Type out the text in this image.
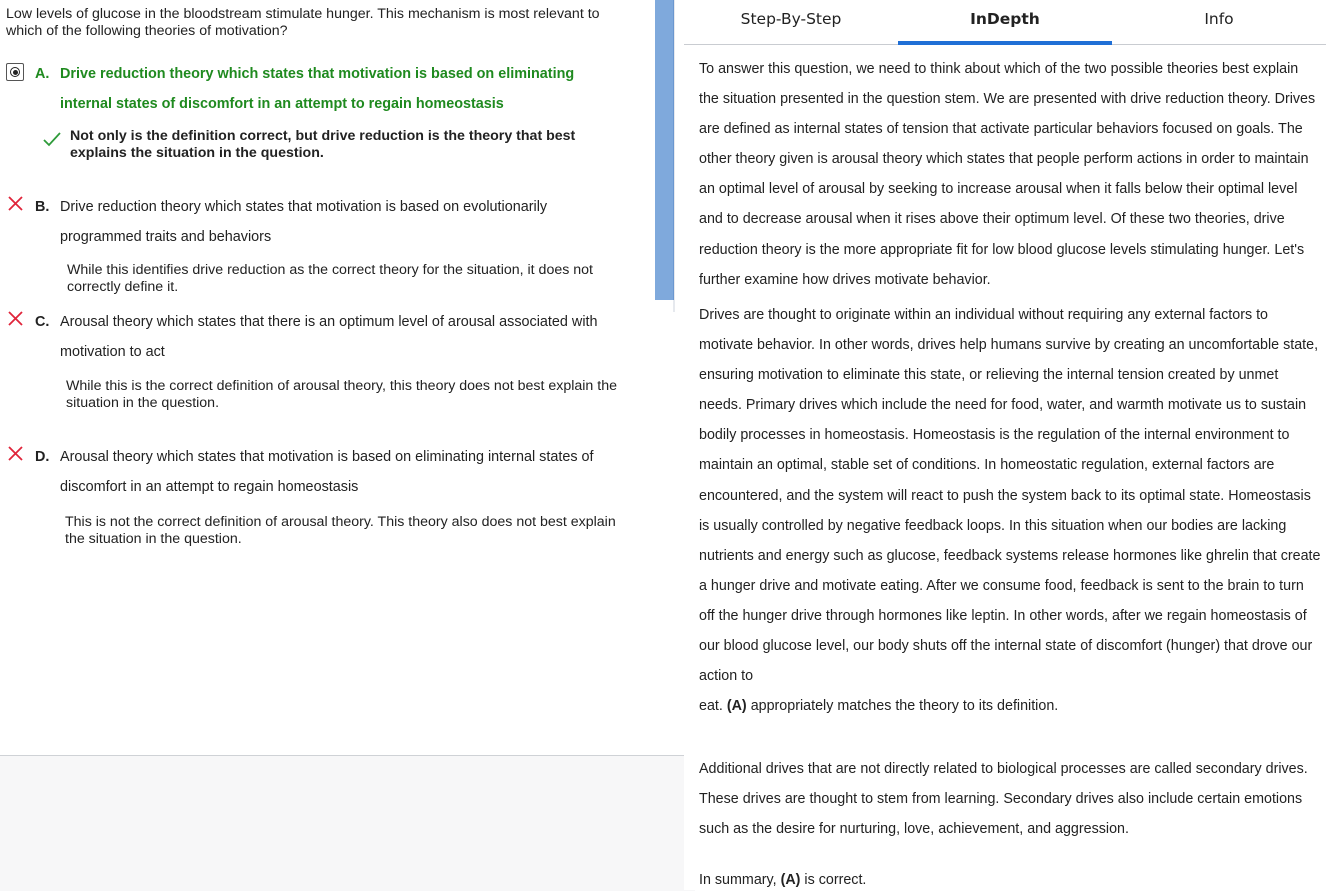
Low levels of glucose in the bloodstream stimulate hunger. This mechanism is most relevant to which of the following theories of motivation?
A. Drive reduction theory which states that motivation is based on eliminating internal states of discomfort in an attempt to regain homeostasis
Not only is the definition correct, but drive reduction is the theory that best explains the situation in the question.
B. Drive reduction theory which states that motivation is based on evolutionarily programmed traits and behaviors
While this identifies drive reduction as the correct theory for the situation, it does not correctly define it.
C. Arousal theory which states that there is an optimum level of arousal associated with motivation to act
While this is the correct definition of arousal theory, this theory does not best explain the situation in the question.
D. Arousal theory which states that motivation is based on eliminating internal states of discomfort in an attempt to regain homeostasis
This is not the correct definition of arousal theory. This theory also does not best explain the situation in the question.
Step-By-Step	InDepth	Info
To answer this question, we need to think about which of the two possible theories best explain the situation presented in the question stem. We are presented with drive reduction theory. Drives are defined as internal states of tension that activate particular behaviors focused on goals. The other theory given is arousal theory which states that people perform actions in order to maintain an optimal level of arousal by seeking to increase arousal when it falls below their optimal level and to decrease arousal when it rises above their optimum level. Of these two theories, drive reduction theory is the more appropriate fit for low blood glucose levels stimulating hunger. Let's further examine how drives motivate behavior.
Drives are thought to originate within an individual without requiring any external factors to motivate behavior. In other words, drives help humans survive by creating an uncomfortable state, ensuring motivation to eliminate this state, or relieving the internal tension created by unmet needs. Primary drives which include the need for food, water, and warmth motivate us to sustain bodily processes in homeostasis. Homeostasis is the regulation of the internal environment to maintain an optimal, stable set of conditions. In homeostatic regulation, external factors are encountered, and the system will react to push the system back to its optimal state. Homeostasis is usually controlled by negative feedback loops. In this situation when our bodies are lacking nutrients and energy such as glucose, feedback systems release hormones like ghrelin that create a hunger drive and motivate eating. After we consume food, feedback is sent to the brain to turn off the hunger drive through hormones like leptin. In other words, after we regain homeostasis of our blood glucose level, our body shuts off the internal state of discomfort (hunger) that drove our action to
eat. (A) appropriately matches the theory to its definition.
Additional drives that are not directly related to biological processes are called secondary drives. These drives are thought to stem from learning. Secondary drives also include certain emotions such as the desire for nurturing, love, achievement, and aggression.
In summary, (A) is correct.
